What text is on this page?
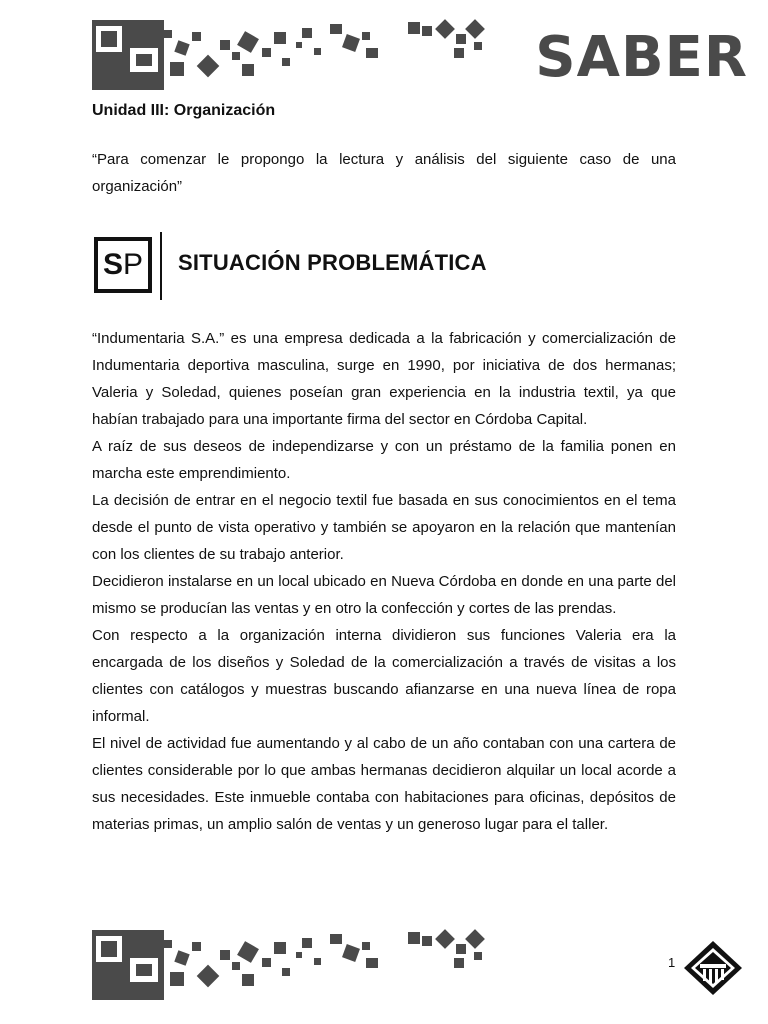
SABER
Unidad III: Organización
“Para comenzar le propongo la lectura y análisis del siguiente caso de una organización”
S P SITUACIÓN PROBLEMÁTICA

“Indumentaria S.A.” es una empresa dedicada a la fabricación y comercialización de Indumentaria deportiva masculina, surge en 1990, por iniciativa de dos hermanas; Valeria y Soledad, quienes poseían gran experiencia en la industria textil, ya que habían trabajado para una importante firma del sector en Córdoba Capital.

A raíz de sus deseos de independizarse y con un préstamo de la familia ponen en marcha este emprendimiento.

La decisión de entrar en el negocio textil fue basada en sus conocimientos en el tema desde el punto de vista operativo y también se apoyaron en la relación que mantenían con los clientes de su trabajo anterior.

Decidieron instalarse en un local ubicado en Nueva Córdoba en donde en una parte del mismo se producían las ventas y en otro la confección y cortes de las prendas.

Con respecto a la organización interna dividieron sus funciones Valeria era la encargada de los diseños y Soledad de la comercialización a través de visitas a los clientes con catálogos y muestras buscando afianzarse en una nueva línea de ropa informal.

El nivel de actividad fue aumentando y al cabo de un año contaban con una cartera de clientes considerable por lo que ambas hermanas decidieron alquilar un local acorde a sus necesidades. Este inmueble contaba con habitaciones para oficinas, depósitos de materias primas, un amplio salón de ventas y un generoso lugar para el taller.

1
